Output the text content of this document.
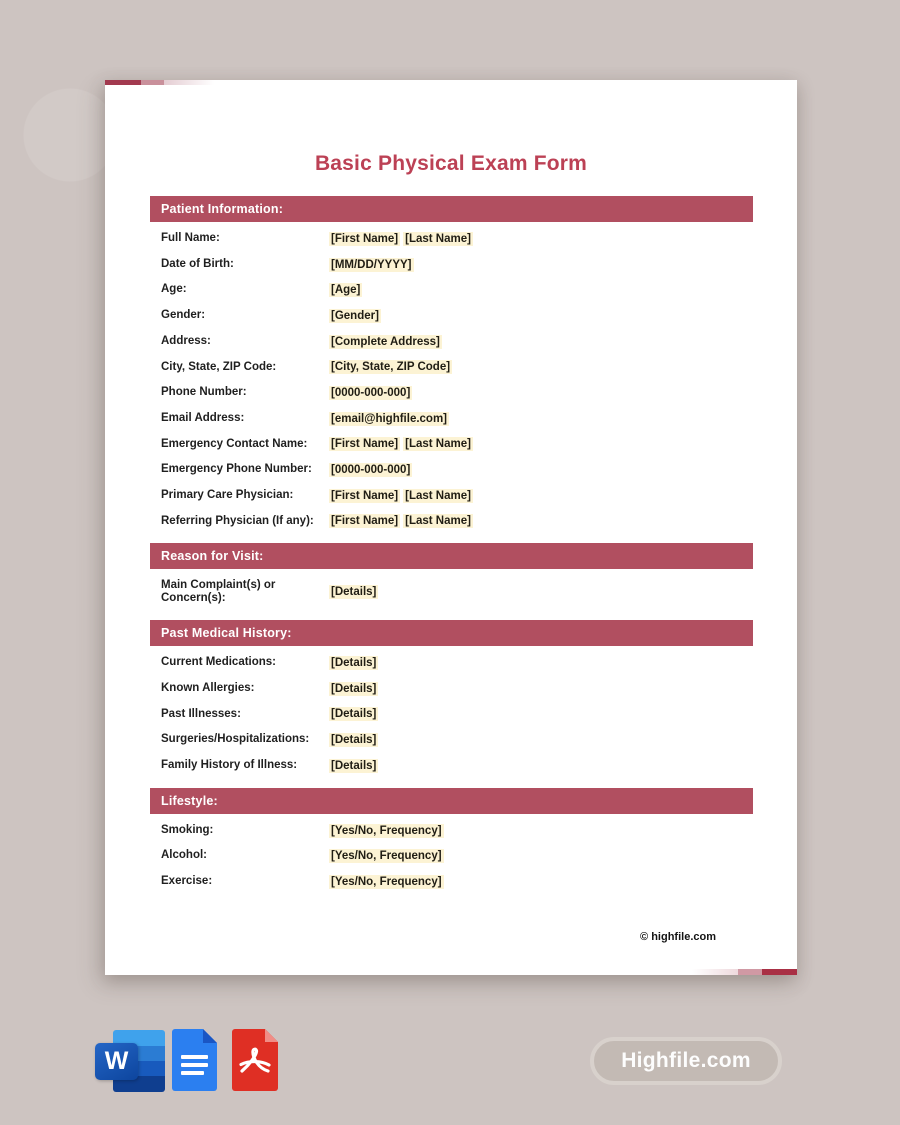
Basic Physical Exam Form
Patient Information:
Full Name:	[First Name] [Last Name]
Date of Birth:	[MM/DD/YYYY]
Age:	[Age]
Gender:	[Gender]
Address:	[Complete Address]
City, State, ZIP Code:	[City, State, ZIP Code]
Phone Number:	[0000-000-000]
Email Address:	[email@highfile.com]
Emergency Contact Name:	[First Name] [Last Name]
Emergency Phone Number:	[0000-000-000]
Primary Care Physician:	[First Name] [Last Name]
Referring Physician (If any):	[First Name] [Last Name]
Reason for Visit:
Main Complaint(s) or Concern(s):	[Details]
Past Medical History:
Current Medications:	[Details]
Known Allergies:	[Details]
Past Illnesses:	[Details]
Surgeries/Hospitalizations:	[Details]
Family History of Illness:	[Details]
Lifestyle:
Smoking:	[Yes/No, Frequency]
Alcohol:	[Yes/No, Frequency]
Exercise:	[Yes/No, Frequency]
© highfile.com
W	Highfile.com
